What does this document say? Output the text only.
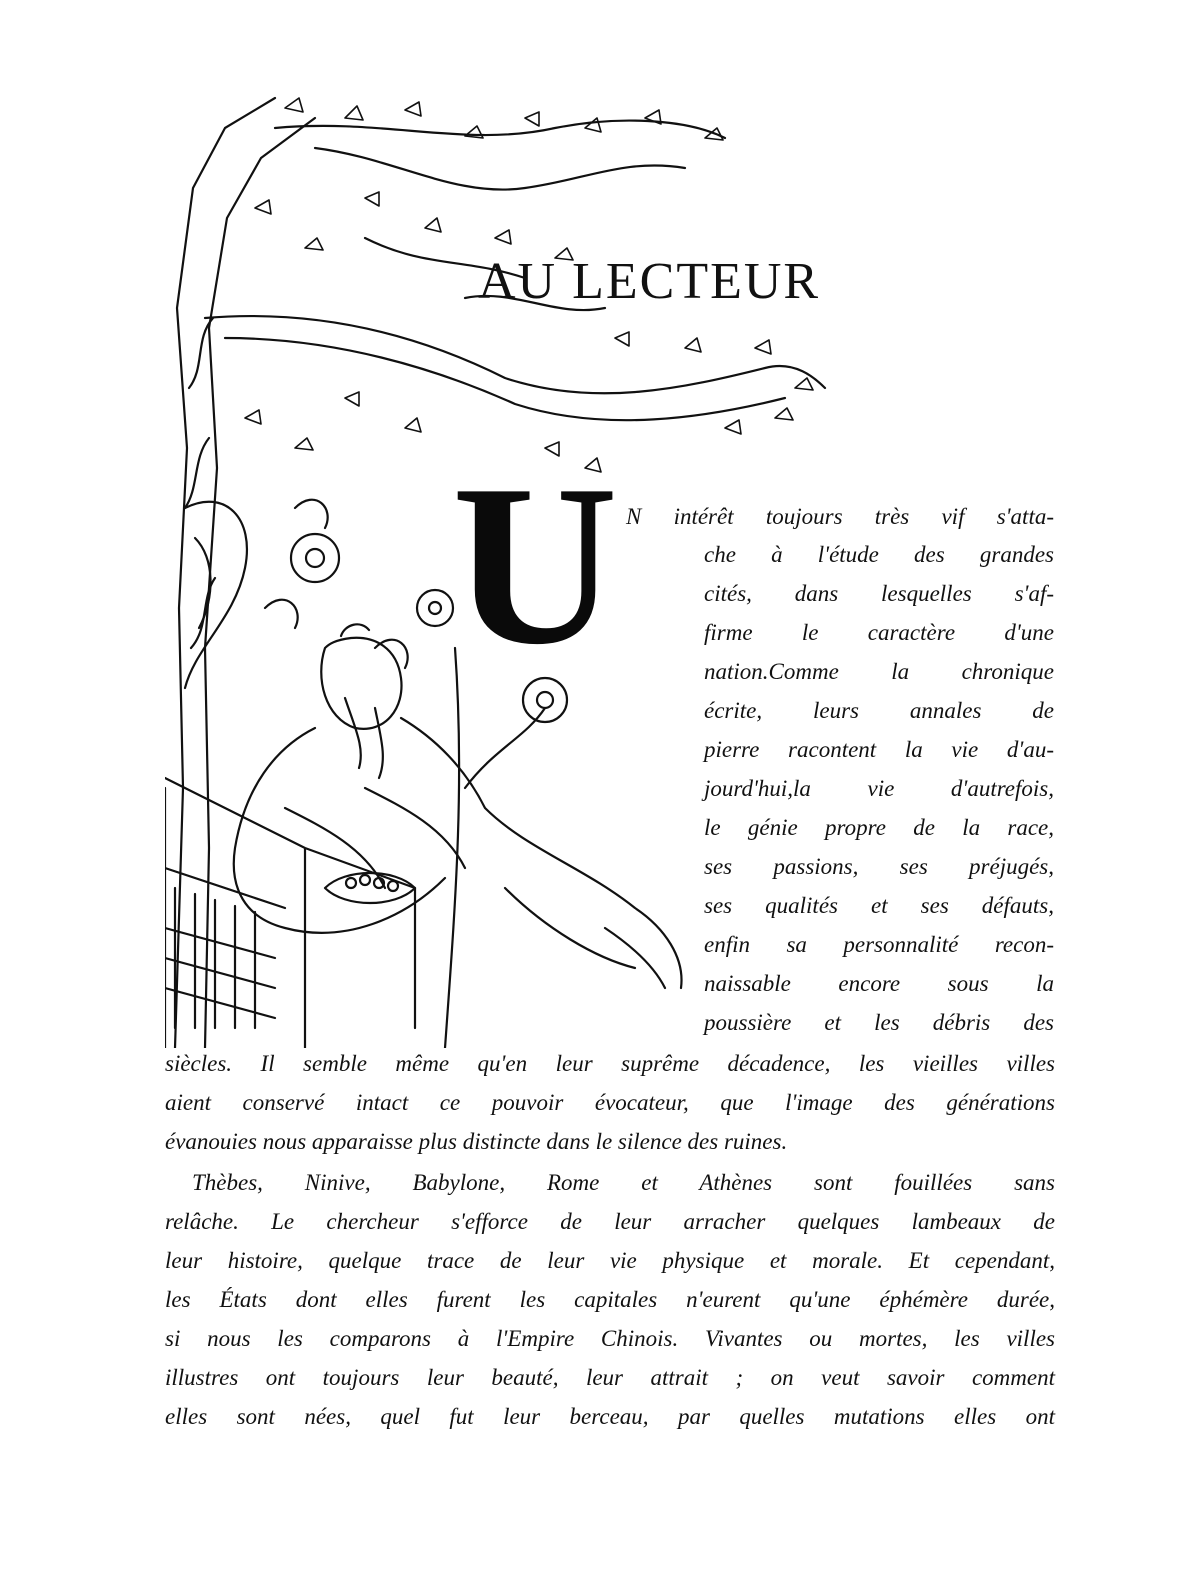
AU LECTEUR
U N intérêt toujours très vif s'atta-

che à l'étude des grandes

cités, dans lesquelles s'af-

firme le caractère d'une

nation.Comme la chronique

écrite, leurs annales de

pierre racontent la vie d'au-

jourd'hui,la vie d'autrefois,

le génie propre de la race,

ses passions, ses préjugés,

ses qualités et ses défauts,

enfin sa personnalité recon-

naissable encore sous la

poussière et les débris des

siècles. Il semble même qu'en leur suprême décadence, les vieilles villes

aient conservé intact ce pouvoir évocateur, que l'image des générations

évanouies nous apparaisse plus distincte dans le silence des ruines.

Thèbes, Ninive, Babylone, Rome et Athènes sont fouillées sans

relâche. Le chercheur s'efforce de leur arracher quelques lambeaux de

leur histoire, quelque trace de leur vie physique et morale. Et cependant,

les États dont elles furent les capitales n'eurent qu'une éphémère durée,

si nous les comparons à l'Empire Chinois. Vivantes ou mortes, les villes

illustres ont toujours leur beauté, leur attrait ; on veut savoir comment

elles sont nées, quel fut leur berceau, par quelles mutations elles ont
